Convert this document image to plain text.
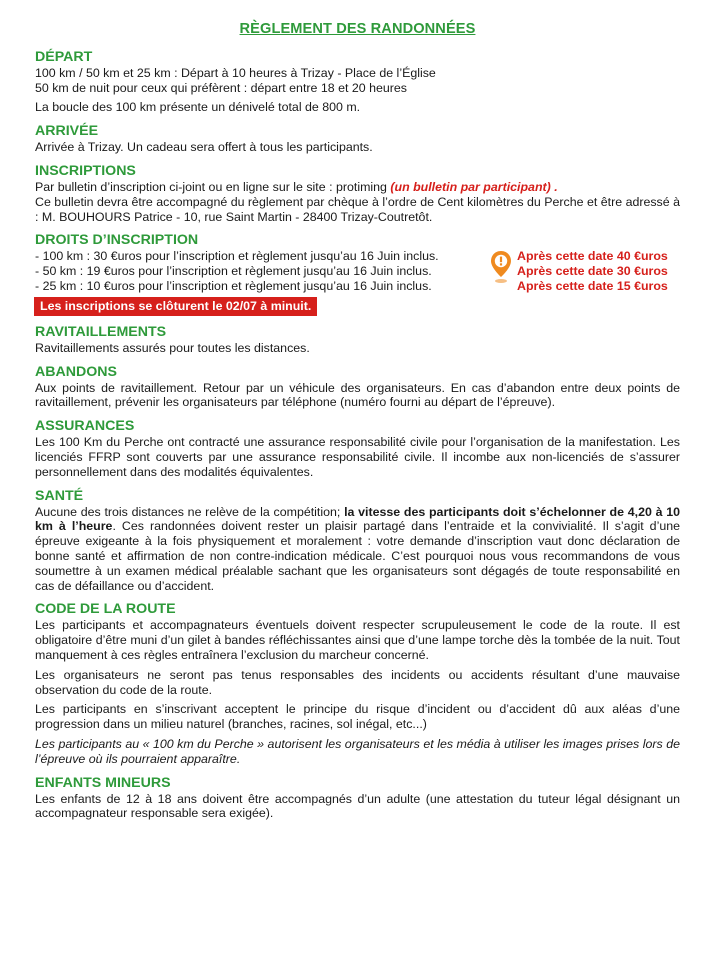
RÈGLEMENT DES RANDONNÉES
DÉPART
100 km / 50 km et 25 km : Départ à 10 heures à Trizay - Place de l’Église
50 km de nuit pour ceux qui préfèrent : départ entre 18 et 20 heures
La boucle des 100 km présente un dénivelé total de 800 m.
ARRIVÉE
Arrivée à Trizay. Un cadeau sera offert à tous les participants.
INSCRIPTIONS
Par bulletin d’inscription ci-joint ou en ligne sur le site : protiming (un bulletin par participant) .
Ce bulletin devra être accompagné du règlement par chèque à l’ordre de Cent kilomètres du Perche et être adressé à : M. BOUHOURS Patrice - 10, rue Saint Martin - 28400 Trizay-Coutretôt.
DROITS D’INSCRIPTION
- 100 km : 30 €uros pour l’inscription et règlement jusqu’au 16 Juin inclus.
- 50 km : 19 €uros pour l’inscription et règlement jusqu’au 16 Juin inclus.
- 25 km : 10 €uros pour l’inscription et règlement jusqu’au 16 Juin inclus.
Après cette date 40 €uros
Après cette date 30 €uros
Après cette date 15 €uros
Les inscriptions se clôturent le 02/07 à minuit.
RAVITAILLEMENTS
Ravitaillements assurés pour toutes les distances.
ABANDONS
Aux points de ravitaillement. Retour par un véhicule des organisateurs. En cas d’abandon entre deux points de ravitaillement, prévenir les organisateurs par téléphone (numéro fourni au départ de l’épreuve).
ASSURANCES
Les 100 Km du Perche ont contracté une assurance responsabilité civile pour l’organisation de la manifestation. Les licenciés FFRP sont couverts par une assurance responsabilité civile. Il incombe aux non-licenciés de s’assurer personnellement dans des modalités équivalentes.
SANTÉ
Aucune des trois distances ne relève de la compétition; la vitesse des participants doit s’échelonner de 4,20 à 10 km à l’heure. Ces randonnées doivent rester un plaisir partagé dans l’entraide et la convivialité. Il s’agit d’une épreuve exigeante à la fois physiquement et moralement : votre demande d’inscription vaut donc déclaration de bonne santé et affirmation de non contre-indication médicale. C’est pourquoi nous vous recommandons de vous soumettre à un examen médical préalable sachant que les organisateurs sont dégagés de toute responsabilité en cas de défaillance ou d’accident.
CODE DE LA ROUTE
Les participants et accompagnateurs éventuels doivent respecter scrupuleusement le code de la route. Il est obligatoire d’être muni d’un gilet à bandes réfléchissantes ainsi que d’une lampe torche dès la tombée de la nuit. Tout manquement à ces règles entraînera l’exclusion du marcheur concerné.
Les organisateurs ne seront pas tenus responsables des incidents ou accidents résultant d’une mauvaise observation du code de la route.
Les participants en s’inscrivant acceptent le principe du risque d’incident ou d’accident dû aux aléas d’une progression dans un milieu naturel (branches, racines, sol inégal, etc...)
Les participants au « 100 km du Perche » autorisent les organisateurs et les média à utiliser les images prises lors de l’épreuve où ils pourraient apparaître.
ENFANTS MINEURS
Les enfants de 12 à 18 ans doivent être accompagnés d’un adulte (une attestation du tuteur légal désignant un accompagnateur responsable sera exigée).
